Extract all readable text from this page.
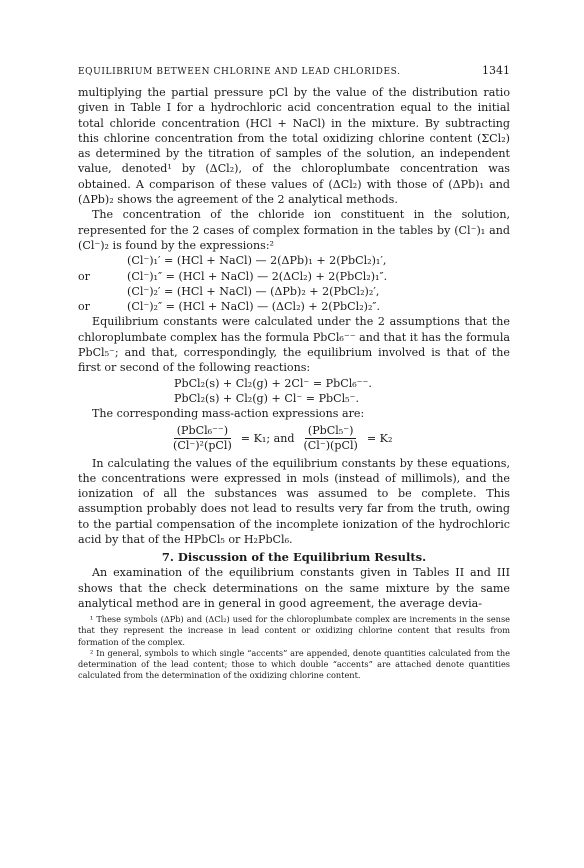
EQUILIBRIUM BETWEEN CHLORINE AND LEAD CHLORIDES.	1341

multiplying the partial pressure pCl by the value of the distribution ratio given in Table I for a hydrochloric acid concentration equal to the initial total chloride concentration (HCl + NaCl) in the mixture. By subtracting this chlorine concentration from the total oxidizing chlorine content (ΣCl₂) as determined by the titration of samples of the solution, an independent value, denoted¹ by (ΔCl₂), of the chloroplumbate concentration was obtained. A comparison of these values of (ΔCl₂) with those of (ΔPb)₁ and (ΔPb)₂ shows the agreement of the 2 analytical methods.

The concentration of the chloride ion constituent in the solution, represented for the 2 cases of complex formation in the tables by (Cl⁻)₁ and (Cl⁻)₂ is found by the expressions:²

(Cl⁻)₁′ = (HCl + NaCl) — 2(ΔPb)₁ + 2(PbCl₂)₁′,
or	(Cl⁻)₁″ = (HCl + NaCl) — 2(ΔCl₂) + 2(PbCl₂)₁″.
(Cl⁻)₂′ = (HCl + NaCl) — (ΔPb)₂ + 2(PbCl₂)₂′,
or	(Cl⁻)₂″ = (HCl + NaCl) — (ΔCl₂) + 2(PbCl₂)₂″.

Equilibrium constants were calculated under the 2 assumptions that the chloroplumbate complex has the formula PbCl₆⁻⁻ and that it has the formula PbCl₅⁻; and that, correspondingly, the equilibrium involved is that of the first or second of the following reactions:

PbCl₂(s) + Cl₂(g) + 2Cl⁻ = PbCl₆⁻⁻.
PbCl₂(s) + Cl₂(g) + Cl⁻ = PbCl₅⁻.

The corresponding mass-action expressions are:

$\frac{\text{(PbCl₆⁻⁻)}}{\text{(Cl⁻)²(pCl)}} = K_1$; and $\frac{\text{(PbCl₅⁻)}}{\text{(Cl⁻)(pCl)}} = K_2$

In calculating the values of the equilibrium constants by these equations, the concentrations were expressed in mols (instead of millimols), and the ionization of all the substances was assumed to be complete. This assumption probably does not lead to results very far from the truth, owing to the partial compensation of the incomplete ionization of the hydrochloric acid by that of the HPbCl₅ or H₂PbCl₆.

7. Discussion of the Equilibrium Results.

An examination of the equilibrium constants given in Tables II and III shows that the check determinations on the same mixture by the same analytical method are in general in good agreement, the average devia-

¹ These symbols (ΔPb) and (ΔCl₂) used for the chloroplumbate complex are increments in the sense that they represent the increase in lead content or oxidizing chlorine content that results from formation of the complex.

² In general, symbols to which single “accents” are appended, denote quantities calculated from the determination of the lead content; those to which double “accents” are attached denote quantities calculated from the determination of the oxidizing chlorine content.
